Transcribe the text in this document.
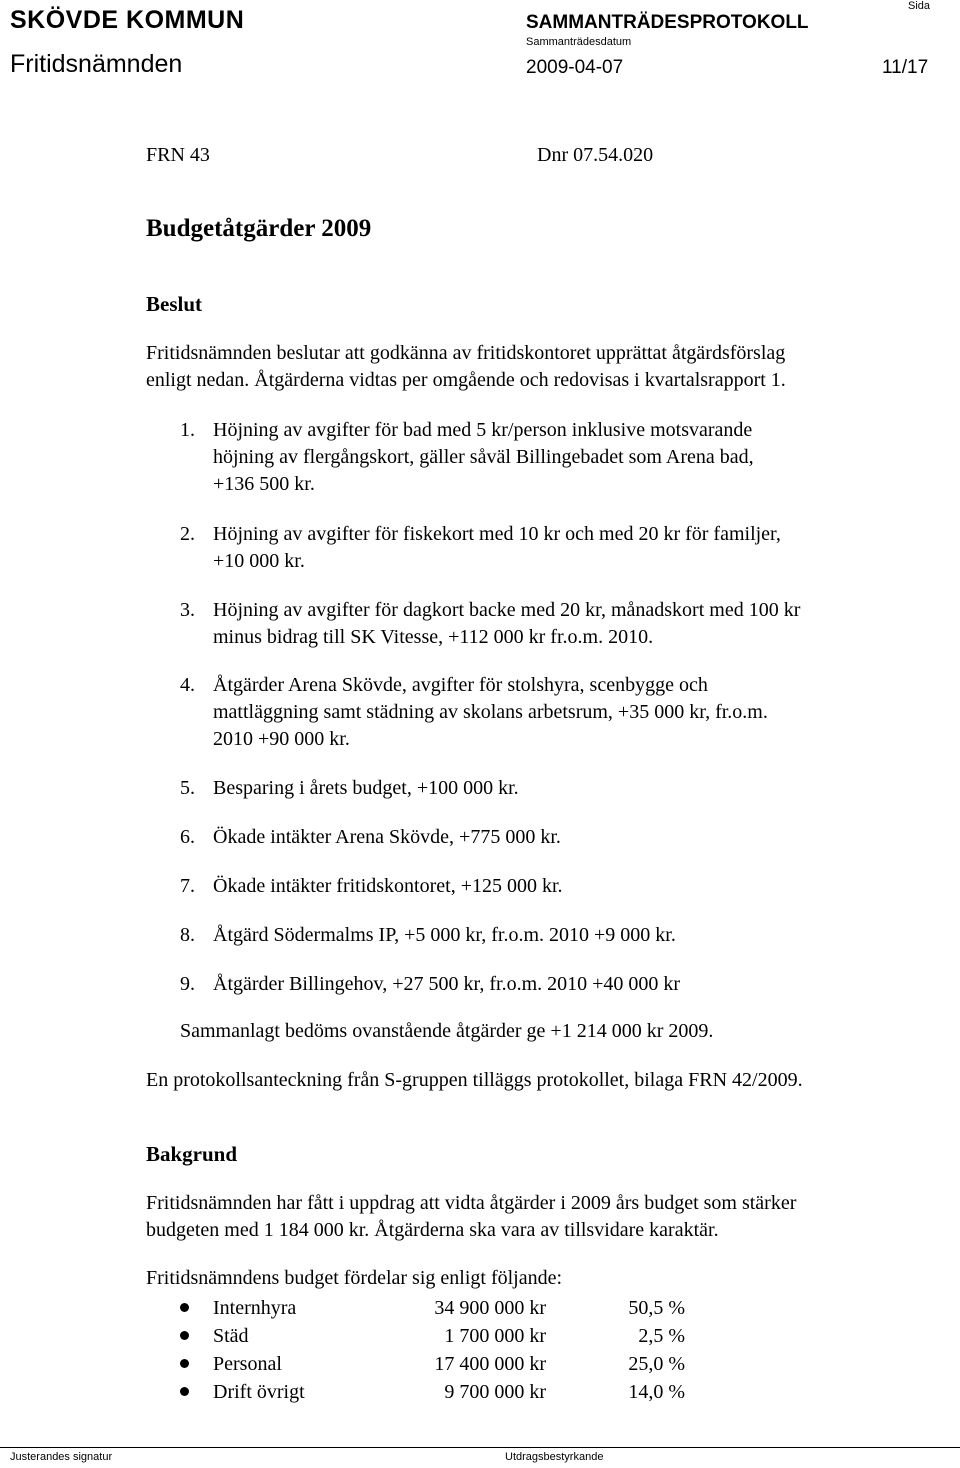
SKÖVDE KOMMUN	SAMMANTRÄDESPROTOKOLL
Sammanträdesdatum
Sida
Fritidsnämnden	2009-04-07	11/17
FRN 43	Dnr 07.54.020
Budgetåtgärder 2009
Beslut
Fritidsnämnden beslutar att godkänna av fritidskontoret upprättat åtgärdsförslag
enligt nedan. Åtgärderna vidtas per omgående och redovisas i kvartalsrapport 1.
1. Höjning av avgifter för bad med 5 kr/person inklusive motsvarande
höjning av flergångskort, gäller såväl Billingebadet som Arena bad,
+136 500 kr.
2. Höjning av avgifter för fiskekort med 10 kr och med 20 kr för familjer,
+10 000 kr.
3. Höjning av avgifter för dagkort backe med 20 kr, månadskort med 100 kr
minus bidrag till SK Vitesse, +112 000 kr fr.o.m. 2010.
4. Åtgärder Arena Skövde, avgifter för stolshyra, scenbygge och
mattläggning samt städning av skolans arbetsrum, +35 000 kr, fr.o.m.
2010 +90 000 kr.
5. Besparing i årets budget, +100 000 kr.
6. Ökade intäkter Arena Skövde, +775 000 kr.
7. Ökade intäkter fritidskontoret, +125 000 kr.
8. Åtgärd Södermalms IP, +5 000 kr, fr.o.m. 2010 +9 000 kr.
9. Åtgärder Billingehov, +27 500 kr, fr.o.m. 2010 +40 000 kr
Sammanlagt bedöms ovanstående åtgärder ge +1 214 000 kr 2009.
En protokollsanteckning från S-gruppen tilläggs protokollet, bilaga FRN 42/2009.
Bakgrund
Fritidsnämnden har fått i uppdrag att vidta åtgärder i 2009 års budget som stärker
budgeten med 1 184 000 kr. Åtgärderna ska vara av tillsvidare karaktär.
Fritidsnämndens budget fördelar sig enligt följande:
Internhyra	34 900 000 kr	50,5 %
Städ	1 700 000 kr	2,5 %
Personal	17 400 000 kr	25,0 %
Drift övrigt	9 700 000 kr	14,0 %
Justerandes signatur	Utdragsbestyrkande
